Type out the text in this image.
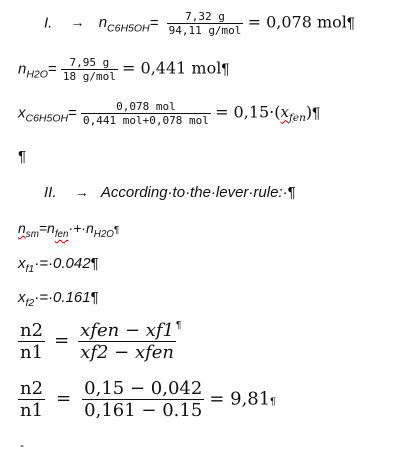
I. → $n_{C6H5OH}= \frac{7,32 g}{\text{94,11 g/mol}} = 0,078$ mol¶
$n_{H2O}= \frac{7,95 g}{\text{18 g/mol}} = 0,441$ mol¶
$x_{C6H5OH}= \frac{\text{0,078 mol}}{\text{0,441 mol+0,078 mol}}$ = $0,15\cdot(x_{fen})\P$
¶
II. → According·to·the·lever·rule:·¶
$n_{sm}=n_{fen}\cdot+\cdot n_{H2O}\P$
$x_{f1}\cdot=\cdot 0.042\P$
$x_{f2}\cdot=\cdot 0.161\P$
$\frac{n2}{n1} = \frac{\text{xfen − xf1}}{\text{xf2 − xfen}} ^\P$
$\frac{n2}{n1} = \frac{0,15 - 0,042}{0,161 - 0.15}$ = 9,81¶
-
